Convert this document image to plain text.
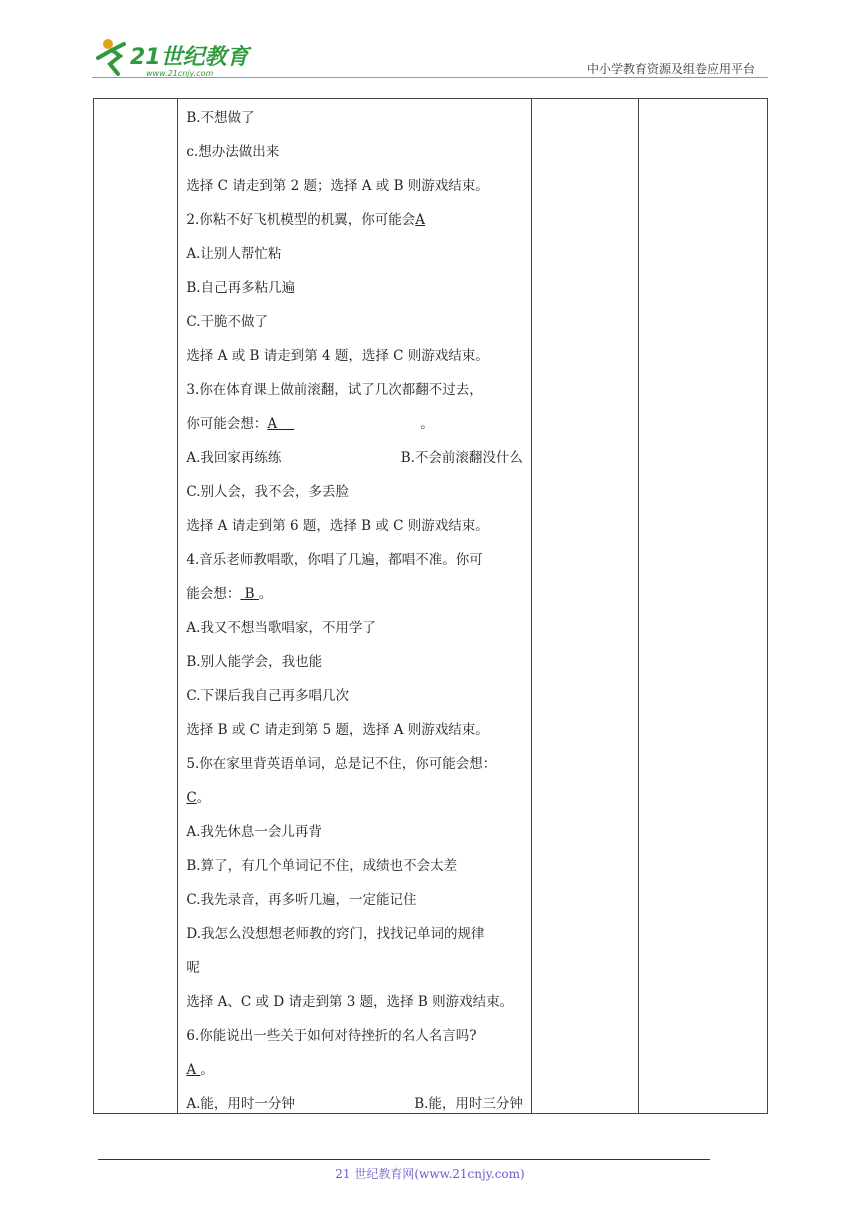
21世纪教育
www.21cnjy.com	中小学教育资源及组卷应用平台

B.不想做了
c.想办法做出来
选择 C 请走到第 2 题；选择 A 或 B 则游戏结束。
2.你粘不好飞机模型的机翼，你可能会A
A.让别人帮忙粘
B.自己再多粘几遍
C.干脆不做了
选择 A 或 B 请走到第 4 题，选择 C 则游戏结束。
3.你在体育课上做前滚翻，试了几次都翻不过去，
你可能会想：A	。
A.我回家再练练	B.不会前滚翻没什么
C.别人会，我不会，多丢脸
选择 A 请走到第 6 题，选择 B 或 C 则游戏结束。
4.音乐老师教唱歌，你唱了几遍，都唱不准。你可
能会想： B 。
A.我又不想当歌唱家，不用学了
B.别人能学会，我也能
C.下课后我自己再多唱几次
选择 B 或 C 请走到第 5 题，选择 A 则游戏结束。
5.你在家里背英语单词，总是记不住，你可能会想：
C。
A.我先休息一会儿再背
B.算了，有几个单词记不住，成绩也不会太差
C.我先录音，再多听几遍，一定能记住
D.我怎么没想想老师教的窍门，找找记单词的规律
呢
选择 A、C 或 D 请走到第 3 题，选择 B 则游戏结束。
6.你能说出一些关于如何对待挫折的名人名言吗?
A 。
A.能，用时一分钟	B.能，用时三分钟

21 世纪教育网(www.21cnjy.com)
